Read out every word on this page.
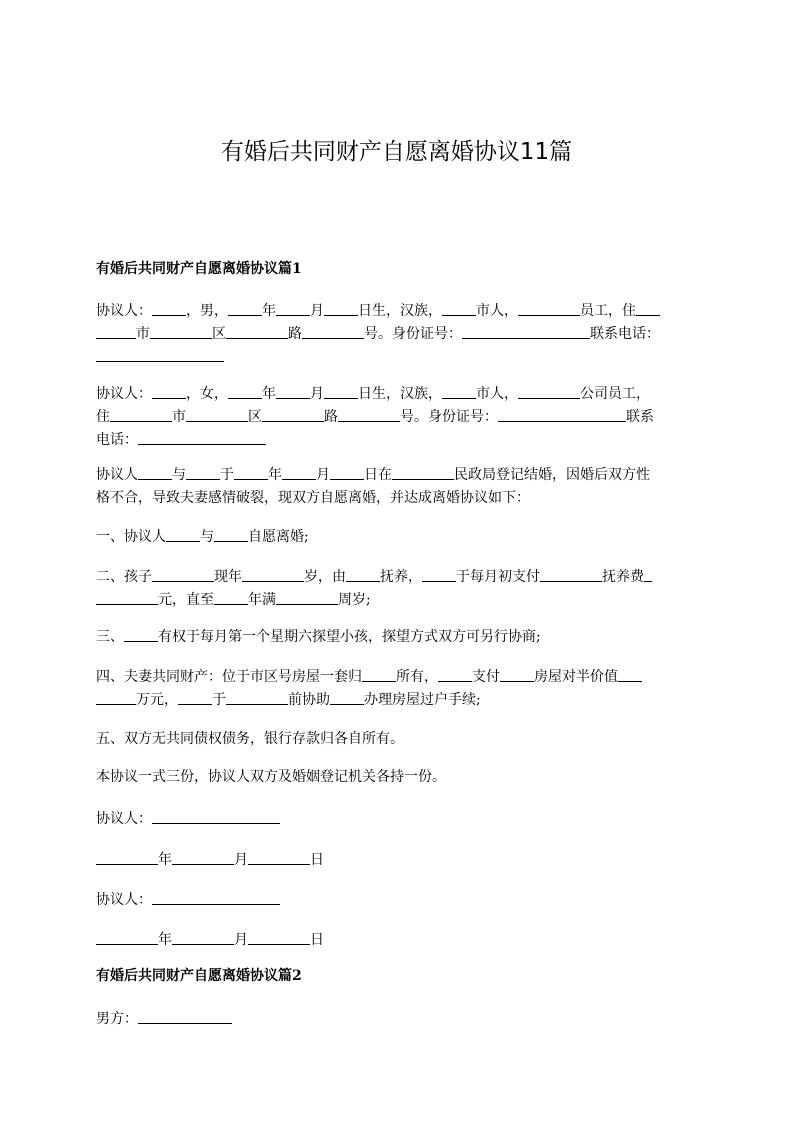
有婚后共同财产自愿离婚协议11篇
有婚后共同财产自愿离婚协议篇1
协议人： ，男， 年 月 日生，汉族， 市人，	员工，住
市	区	路	号。身份证号：	联系电话：
协议人： ，女， 年 月 日生，汉族， 市人，	公司员工，
住	市	区	路	号。身份证号：	联系
电话：
协议人 与 于 年 月 日在	民政局登记结婚，因婚后双方性
格不合，导致夫妻感情破裂，现双方自愿离婚，并达成离婚协议如下：
一、协议人 与 自愿离婚;
二、孩子	现年	岁，由 抚养， 于每月初支付	抚养费
元，直至 年满	周岁;
三、 有权于每月第一个星期六探望小孩，探望方式双方可另行协商;
四、夫妻共同财产：位于市区号房屋一套归 所有， 支付 房屋对半价值
万元， 于	前协助 办理房屋过户手续;
五、双方无共同债权债务，银行存款归各自所有。
本协议一式三份，协议人双方及婚姻登记机关各持一份。
协议人：
年	月	日
协议人：
年	月	日
有婚后共同财产自愿离婚协议篇2
男方：
